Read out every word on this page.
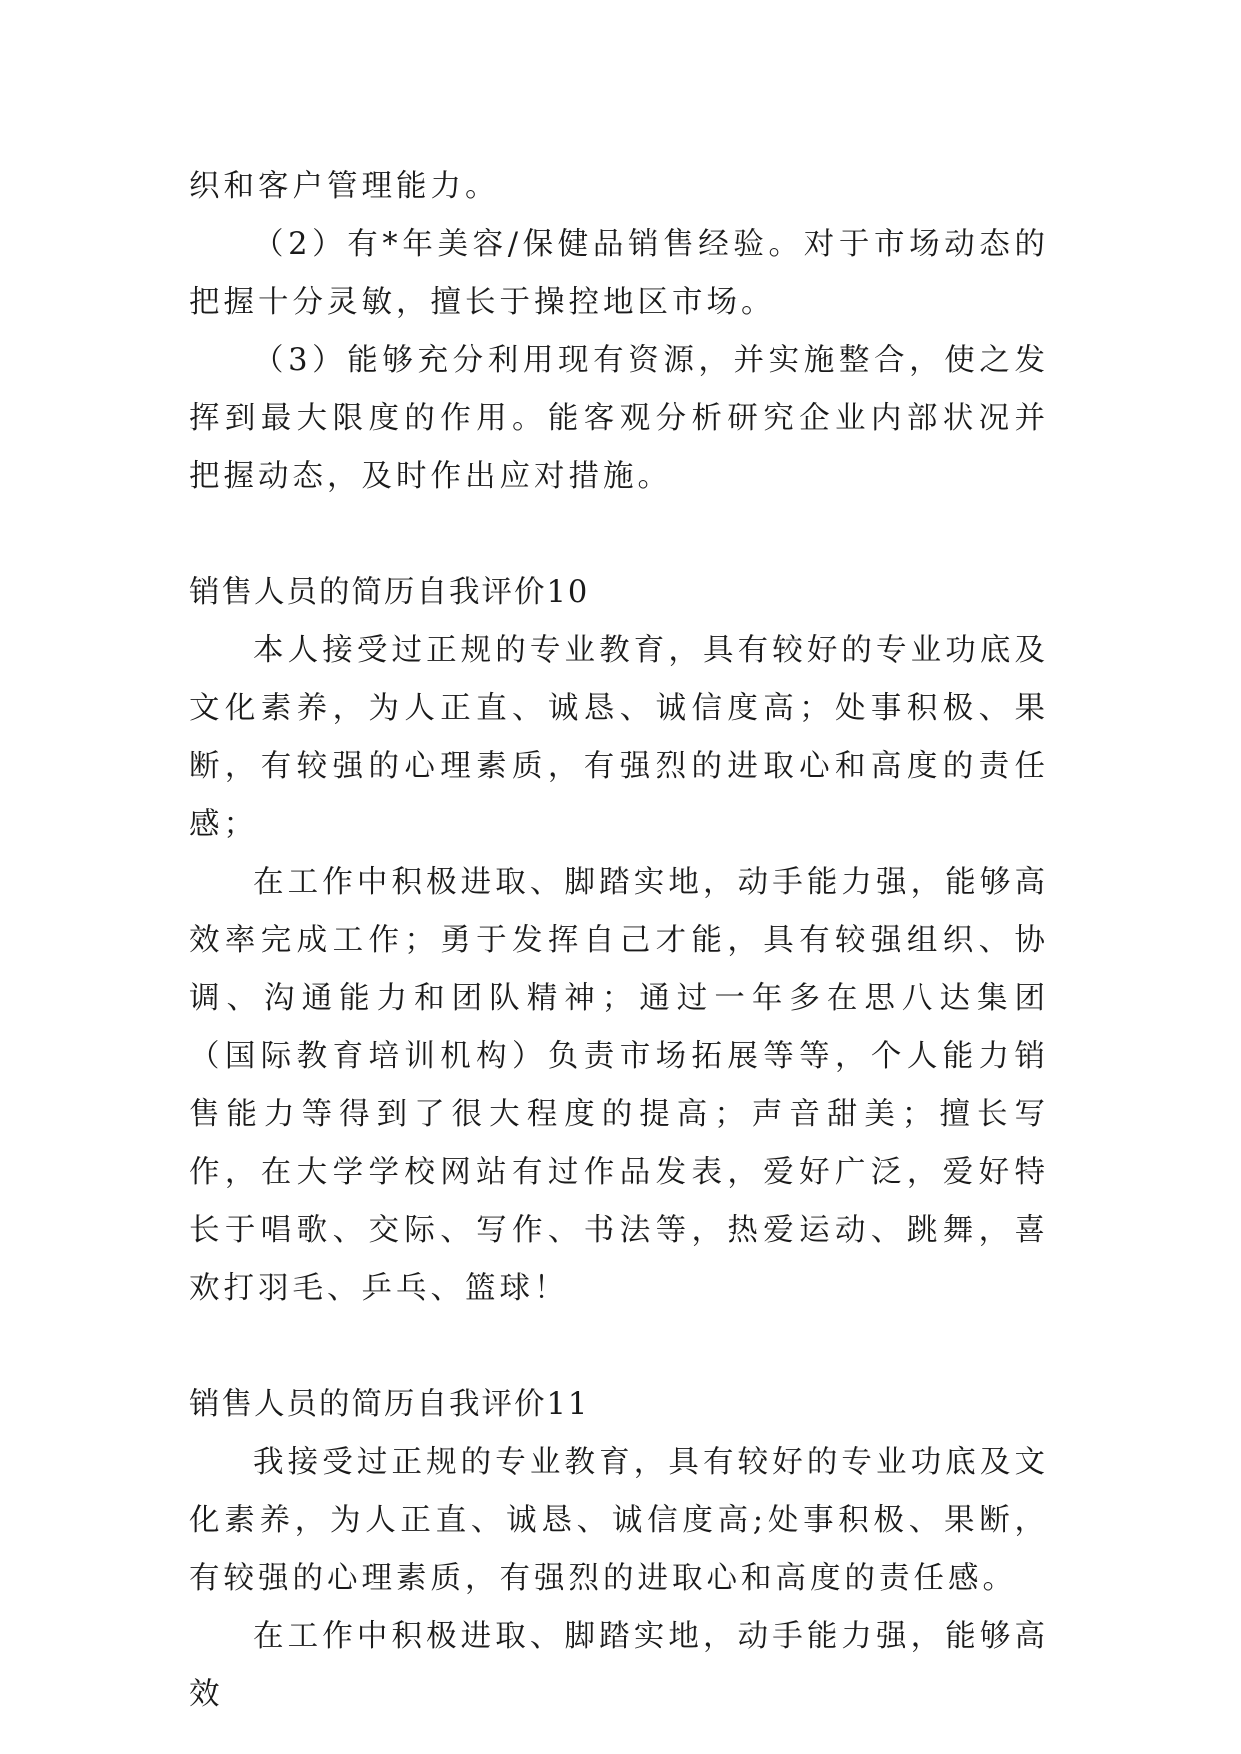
织和客户管理能力。

（2）有*年美容/保健品销售经验。对于市场动态的把握十分灵敏，擅长于操控地区市场。

（3）能够充分利用现有资源，并实施整合，使之发挥到最大限度的作用。能客观分析研究企业内部状况并把握动态，及时作出应对措施。

销售人员的简历自我评价10

本人接受过正规的专业教育，具有较好的专业功底及文化素养，为人正直、诚恳、诚信度高；处事积极、果断，有较强的心理素质，有强烈的进取心和高度的责任感；

在工作中积极进取、脚踏实地，动手能力强，能够高效率完成工作；勇于发挥自己才能，具有较强组织、协调、沟通能力和团队精神；通过一年多在思八达集团（国际教育培训机构）负责市场拓展等等，个人能力销售能力等得到了很大程度的提高；声音甜美；擅长写作，在大学学校网站有过作品发表，爱好广泛，爱好特长于唱歌、交际、写作、书法等，热爱运动、跳舞，喜欢打羽毛、乒乓、篮球！

销售人员的简历自我评价11

我接受过正规的专业教育，具有较好的专业功底及文化素养，为人正直、诚恳、诚信度高;处事积极、果断，有较强的心理素质，有强烈的进取心和高度的责任感。

在工作中积极进取、脚踏实地，动手能力强，能够高效
